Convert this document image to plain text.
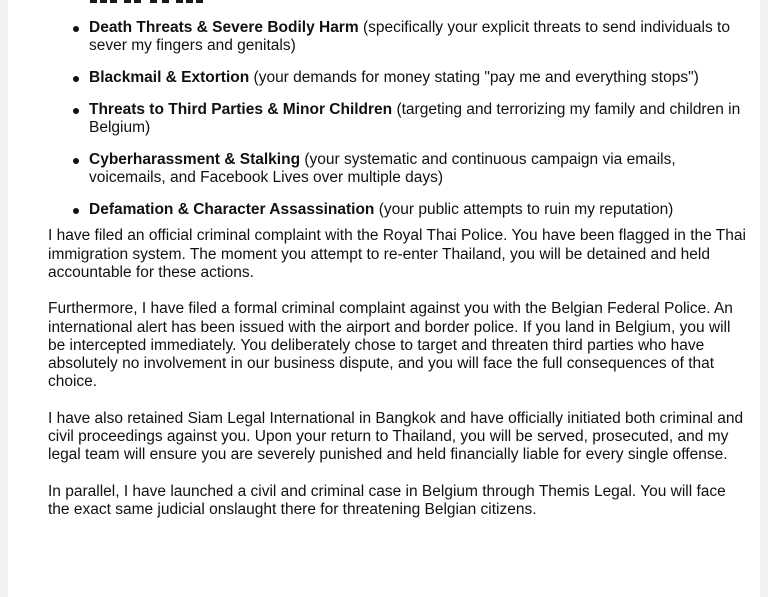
Death Threats & Severe Bodily Harm (specifically your explicit threats to send individuals to sever my fingers and genitals)
Blackmail & Extortion (your demands for money stating "pay me and everything stops")
Threats to Third Parties & Minor Children (targeting and terrorizing my family and children in Belgium)
Cyberharassment & Stalking (your systematic and continuous campaign via emails, voicemails, and Facebook Lives over multiple days)
Defamation & Character Assassination (your public attempts to ruin my reputation)

I have filed an official criminal complaint with the Royal Thai Police. You have been flagged in the Thai immigration system. The moment you attempt to re-enter Thailand, you will be detained and held accountable for these actions.

Furthermore, I have filed a formal criminal complaint against you with the Belgian Federal Police. An international alert has been issued with the airport and border police. If you land in Belgium, you will be intercepted immediately. You deliberately chose to target and threaten third parties who have absolutely no involvement in our business dispute, and you will face the full consequences of that choice.

I have also retained Siam Legal International in Bangkok and have officially initiated both criminal and civil proceedings against you. Upon your return to Thailand, you will be served, prosecuted, and my legal team will ensure you are severely punished and held financially liable for every single offense.

In parallel, I have launched a civil and criminal case in Belgium through Themis Legal. You will face the exact same judicial onslaught there for threatening Belgian citizens.
